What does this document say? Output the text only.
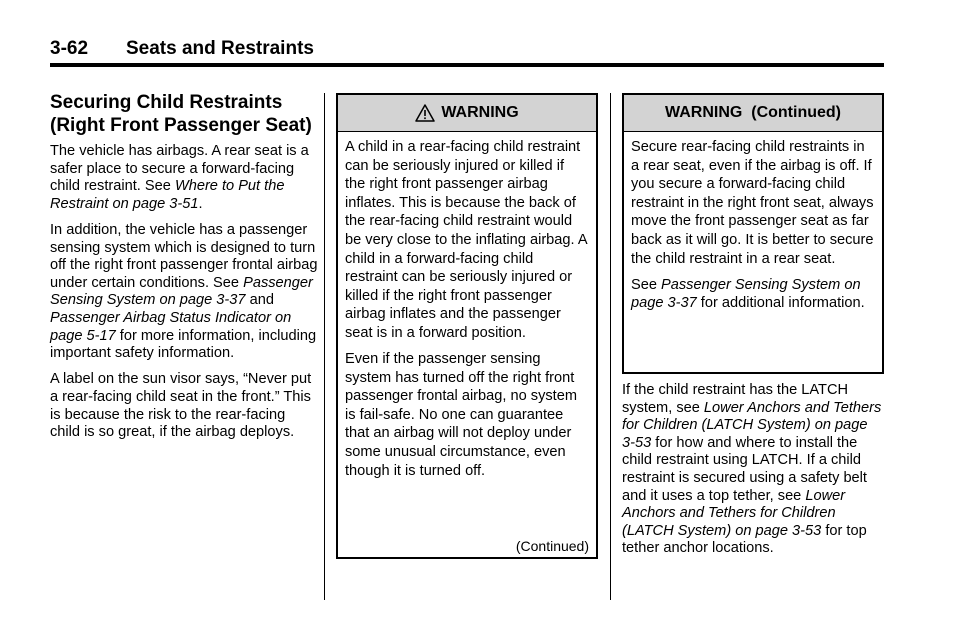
3-62 Seats and Restraints
Securing Child Restraints (Right Front Passenger Seat)

The vehicle has airbags. A rear seat is a safer place to secure a forward-facing child restraint. See Where to Put the Restraint on page 3-51.

In addition, the vehicle has a passenger sensing system which is designed to turn off the right front passenger frontal airbag under certain conditions. See Passenger Sensing System on page 3-37 and Passenger Airbag Status Indicator on page 5-17 for more information, including important safety information.

A label on the sun visor says, “Never put a rear-facing child seat in the front.” This is because the risk to the rear-facing child is so great, if the airbag deploys.

WARNING

A child in a rear-facing child restraint can be seriously injured or killed if the right front passenger airbag inflates. This is because the back of the rear-facing child restraint would be very close to the inflating airbag. A child in a forward-facing child restraint can be seriously injured or killed if the right front passenger airbag inflates and the passenger seat is in a forward position.

Even if the passenger sensing system has turned off the right front passenger frontal airbag, no system is fail-safe. No one can guarantee that an airbag will not deploy under some unusual circumstance, even though it is turned off.

(Continued)
WARNING  (Continued)

Secure rear-facing child restraints in a rear seat, even if the airbag is off. If you secure a forward-facing child restraint in the right front seat, always move the front passenger seat as far back as it will go. It is better to secure the child restraint in a rear seat.

See Passenger Sensing System on page 3-37 for additional information.

If the child restraint has the LATCH system, see Lower Anchors and Tethers for Children (LATCH System) on page 3-53 for how and where to install the child restraint using LATCH. If a child restraint is secured using a safety belt and it uses a top tether, see Lower Anchors and Tethers for Children (LATCH System) on page 3-53 for top tether anchor locations.
